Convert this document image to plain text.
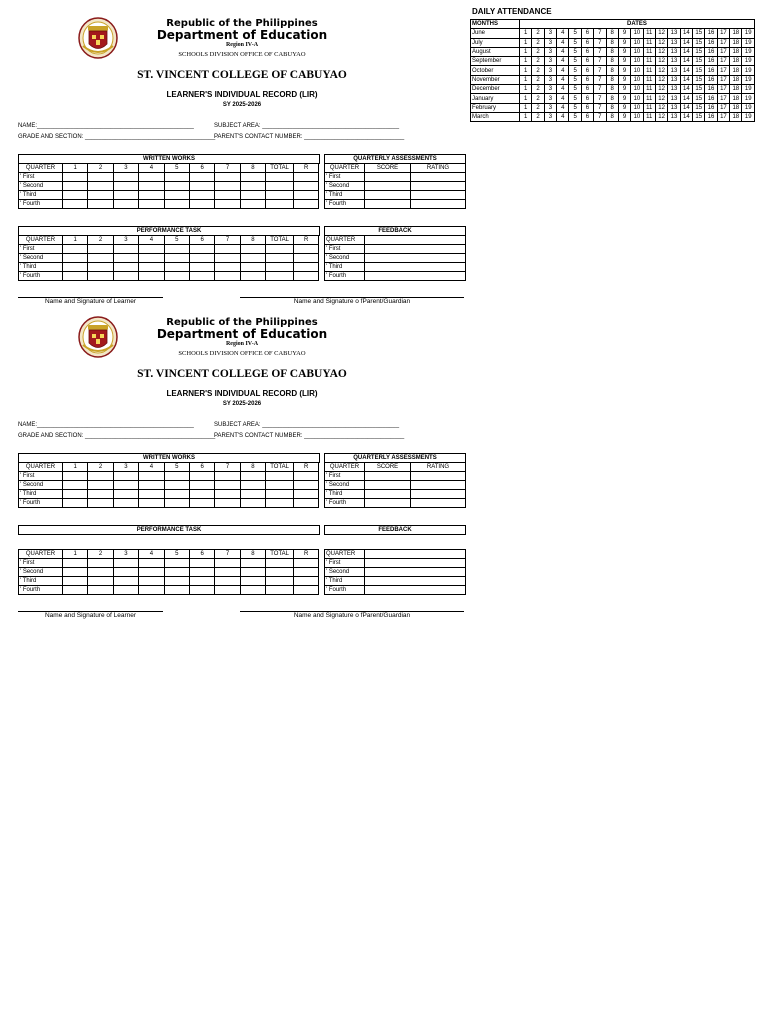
DAILY ATTENDANCE
MONTHS	DATES																		
June	1	2	3	4	5	6	7	8	9	10	11	12	13	14	15	16	17	18	19
July	1	2	3	4	5	6	7	8	9	10	11	12	13	14	15	16	17	18	19
August	1	2	3	4	5	6	7	8	9	10	11	12	13	14	15	16	17	18	19
September	1	2	3	4	5	6	7	8	9	10	11	12	13	14	15	16	17	18	19
October	1	2	3	4	5	6	7	8	9	10	11	12	13	14	15	16	17	18	19
November	1	2	3	4	5	6	7	8	9	10	11	12	13	14	15	16	17	18	19
December	1	2	3	4	5	6	7	8	9	10	11	12	13	14	15	16	17	18	19
January	1	2	3	4	5	6	7	8	9	10	11	12	13	14	15	16	17	18	19
February	1	2	3	4	5	6	7	8	9	10	11	12	13	14	15	16	17	18	19
March	1	2	3	4	5	6	7	8	9	10	11	12	13	14	15	16	17	18	19
Republic of the Philippines
Department of Education
Region IV-A
SCHOOLS DIVISION OFFICE OF CABUYAO
ST. VINCENT COLLEGE OF CABUYAO
LEARNER'S INDIVIDUAL RECORD (LIR)
SY 2025-2026
NAME:_______________________________________________	SUBJECT AREA: _________________________________________
GRADE AND SECTION: _______________________________________
PARENT'S CONTACT NUMBER: ______________________________
WRITTEN WORKS
QUARTER	1	2	3	4	5	6	7	8	TOTAL	R
' First										
' Second										
' Third										
' Fourth										
QUARTERLY ASSESSMENTS
QUARTER	SCORE	RATING
' First		
' Second		
' Third		
' Fourth		
PERFORMANCE TASK
QUARTER	1	2	3	4	5	6	7	8	TOTAL	R
' First										
' Second										
' Third										
' Fourth										
FEEDBACK
QUARTER	
' First	
' Second	
' Third	
' Fourth	
Name and Signature of Learner	Name and Signature o fParent/Guardian
Republic of the Philippines
Department of Education
Region IV-A
SCHOOLS DIVISION OFFICE OF CABUYAO
ST. VINCENT COLLEGE OF CABUYAO
LEARNER'S INDIVIDUAL RECORD (LIR)
SY 2025-2026
NAME:_______________________________________________	SUBJECT AREA: _________________________________________
GRADE AND SECTION: _______________________________________
PARENT'S CONTACT NUMBER: ______________________________
WRITTEN WORKS
QUARTER	1	2	3	4	5	6	7	8	TOTAL	R
' First										
' Second										
' Third										
' Fourth										
QUARTERLY ASSESSMENTS
QUARTER	SCORE	RATING
' First		
' Second		
' Third		
' Fourth		
PERFORMANCE TASK
QUARTER	1	2	3	4	5	6	7	8	TOTAL	R
' First										
' Second										
' Third										
' Fourth										
FEEDBACK
QUARTER	
' First	
' Second	
' Third	
' Fourth	
Name and Signature of Learner	Name and Signature o fParent/Guardian
